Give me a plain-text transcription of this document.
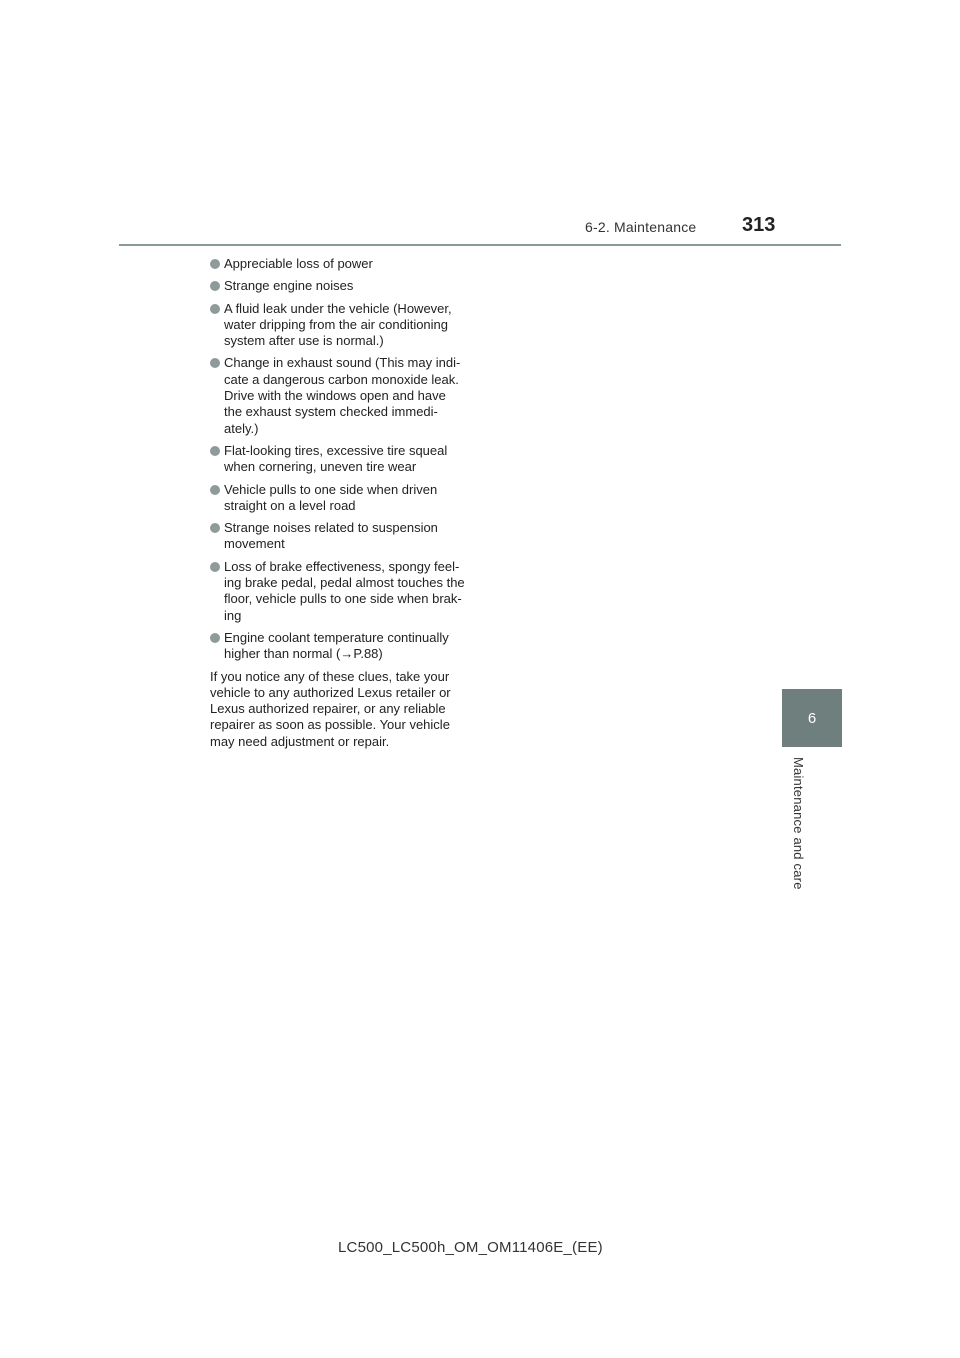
6-2. Maintenance 313
6
Maintenance and care
Appreciable loss of power
Strange engine noises
A fluid leak under the vehicle (However,
water dripping from the air conditioning
system after use is normal.)
Change in exhaust sound (This may indi-
cate a dangerous carbon monoxide leak.
Drive with the windows open and have
the exhaust system checked immedi-
ately.)
Flat-looking tires, excessive tire squeal
when cornering, uneven tire wear
Vehicle pulls to one side when driven
straight on a level road
Strange noises related to suspension
movement
Loss of brake effectiveness, spongy feel-
ing brake pedal, pedal almost touches the
floor, vehicle pulls to one side when brak-
ing
Engine coolant temperature continually
higher than normal (→P.88)

If you notice any of these clues, take your
vehicle to any authorized Lexus retailer or
Lexus authorized repairer, or any reliable
repairer as soon as possible. Your vehicle
may need adjustment or repair.

LC500_LC500h_OM_OM11406E_(EE)
